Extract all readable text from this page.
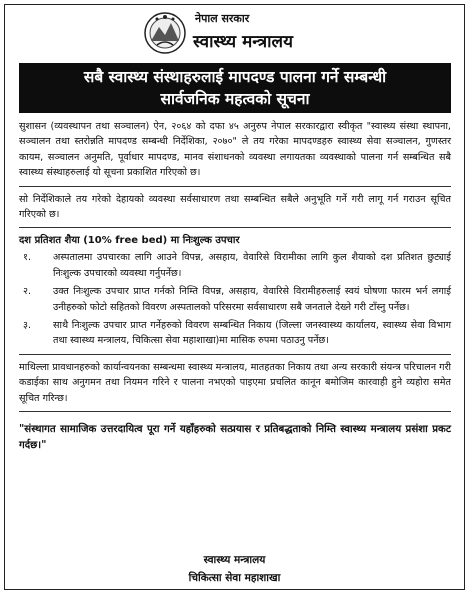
नेपाल सरकार
स्वास्थ्य मन्त्रालय
सबै स्वास्थ्य संस्थाहरुलाई मापदण्ड पालना गर्ने सम्बन्धी
सार्वजनिक महत्वको सूचना

सुशासन (व्यवस्थापन तथा सञ्चालन) ऐन, २०६४ को दफा ४५ अनुरुप नेपाल सरकारद्वारा स्वीकृत "स्वास्थ्य संस्था स्थापना, सञ्चालन तथा स्तरोन्नति मापदण्ड सम्बन्धी निर्देशिका, २०७०" ले तय गरेका मापदण्डहरु स्वास्थ्य सेवा सञ्चालन, गुणस्तर कायम, सञ्चालन अनुमति, पूर्वाधार मापदण्ड, मानव संशाधनको व्यवस्था लगायतका व्यवस्थाको पालना गर्न सम्बन्धित सबै स्वास्थ्य संस्थाहरुलाई यो सूचना प्रकाशित गरिएको छ।

सो निर्देशिकाले तय गरेको देहायको व्यवस्था सर्वसाधारण तथा सम्बन्धित सबैले अनुभूति गर्ने गरी लागू गर्न गराउन सूचित गरिएको छ।

दश प्रतिशत शैया (10% free bed) मा निःशुल्क उपचार
१.	अस्पतालमा उपचारका लागि आउने विपन्न, असहाय, वेवारिसे विरामीका लागि कुल शैयाको दश प्रतिशत छुट्याई निःशुल्क उपचारको व्यवस्था गर्नुपर्नेछ।
२.	उक्त निःशुल्क उपचार प्राप्त गर्नको निम्ति विपन्न, असहाय, वेवारिसे विरामीहरुलाई स्वयं घोषणा फारम भर्न लगाई उनीहरुको फोटो सहितको विवरण अस्पतालको परिसरमा सर्वसाधारण सबै जनताले देख्ने गरी टाँस्नु पर्नेछ।
३.	साथै निःशुल्क उपचार प्राप्त गर्नेहरुको विवरण सम्बन्धित निकाय (जिल्ला जनस्वास्थ्य कार्यालय, स्वास्थ्य सेवा विभाग तथा स्वास्थ्य मन्त्रालय, चिकित्सा सेवा महाशाखा)मा मासिक रुपमा पठाउनु पर्नेछ।

माथिल्ला प्रावधानहरुको कार्यान्वयनका सम्बन्धमा स्वास्थ्य मन्त्रालय, मातहतका निकाय तथा अन्य सरकारी संयन्त्र परिचालन गरी कडाईका साथ अनुगमन तथा नियमन गरिने र पालना नभएको पाइएमा प्रचलित कानून बमोजिम कारवाही हुने व्यहोरा समेत सूचित गरिन्छ।

"संस्थागत सामाजिक उत्तरदायित्व पूरा गर्ने यहाँहरुको सत्प्रयास र प्रतिबद्धताको निम्ति स्वास्थ्य मन्त्रालय प्रसंशा प्रकट गर्दछ।"

स्वास्थ्य मन्त्रालय
चिकित्सा सेवा महाशाखा
